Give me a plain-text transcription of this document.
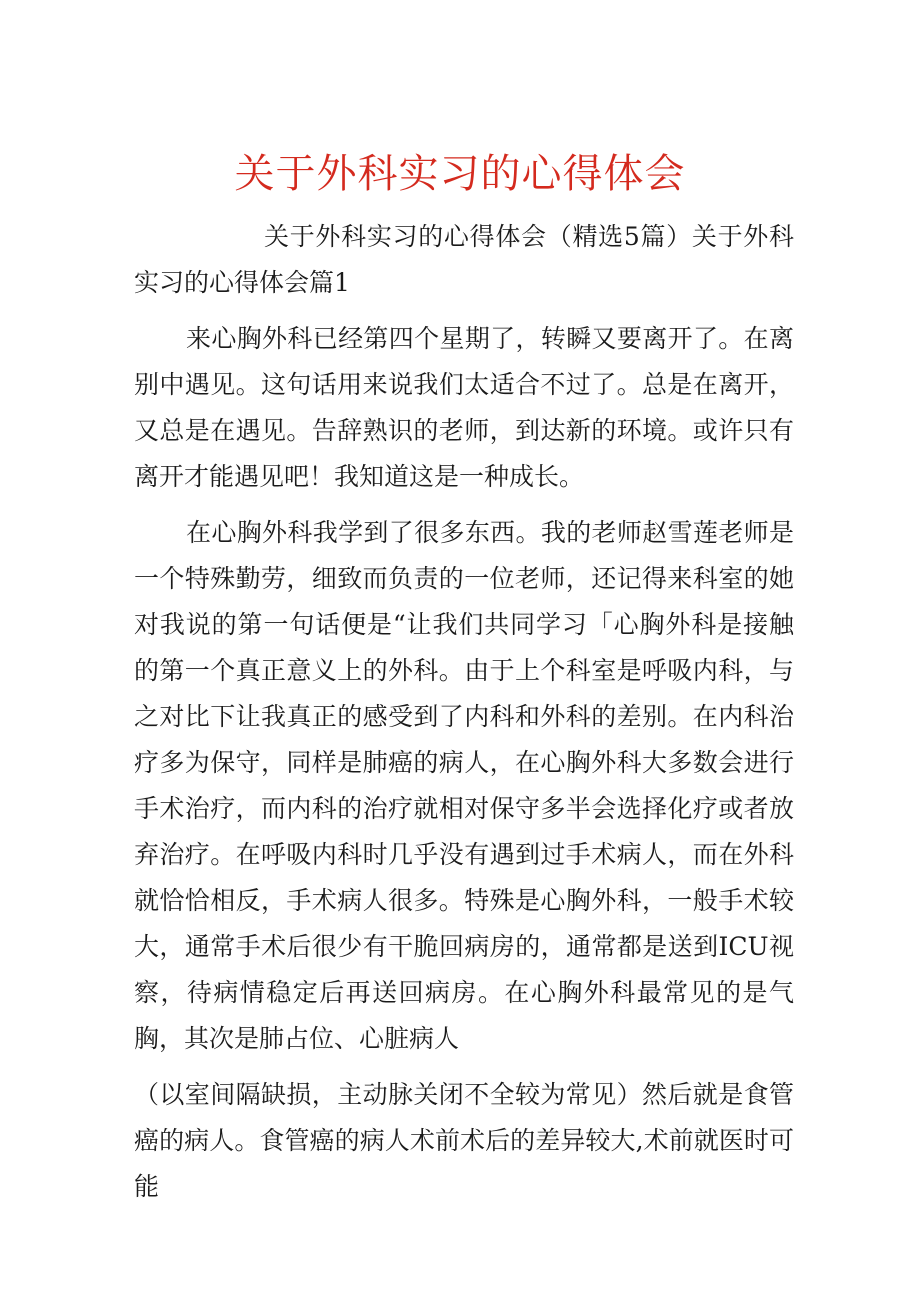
关于外科实习的心得体会

关于外科实习的心得体会（精选5篇）关于外科实习的心得体会篇1

来心胸外科已经第四个星期了，转瞬又要离开了。在离别中遇见。这句话用来说我们太适合不过了。总是在离开，又总是在遇见。告辞熟识的老师，到达新的环境。或许只有离开才能遇见吧！我知道这是一种成长。

在心胸外科我学到了很多东西。我的老师赵雪莲老师是一个特殊勤劳，细致而负责的一位老师，还记得来科室的她对我说的第一句话便是“让我们共同学习「心胸外科是接触的第一个真正意义上的外科。由于上个科室是呼吸内科，与之对比下让我真正的感受到了内科和外科的差别。在内科治疗多为保守，同样是肺癌的病人，在心胸外科大多数会进行手术治疗，而内科的治疗就相对保守多半会选择化疗或者放弃治疗。在呼吸内科时几乎没有遇到过手术病人，而在外科就恰恰相反，手术病人很多。特殊是心胸外科，一般手术较大，通常手术后很少有干脆回病房的，通常都是送到ICU视察，待病情稳定后再送回病房。在心胸外科最常见的是气胸，其次是肺占位、心脏病人

（以室间隔缺损，主动脉关闭不全较为常见）然后就是食管癌的病人。食管癌的病人术前术后的差异较大,术前就医时可能
